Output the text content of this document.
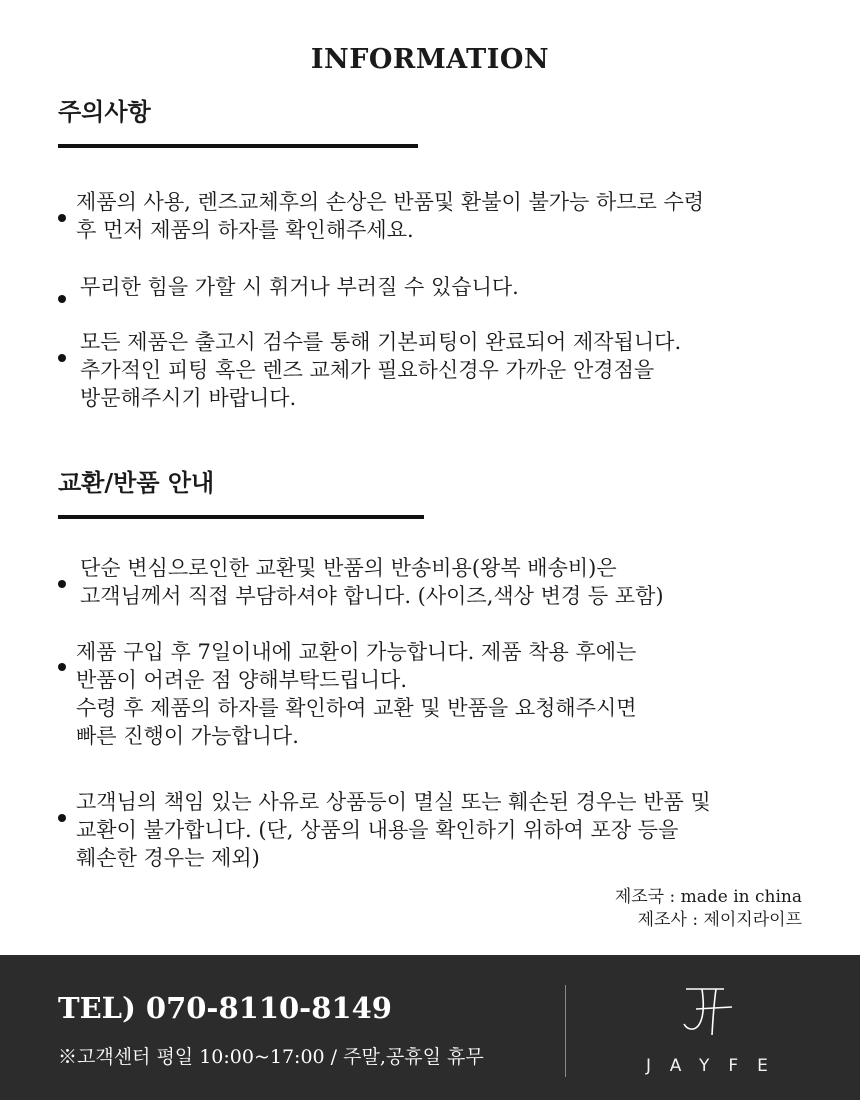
INFORMATION
주의사항
제품의 사용, 렌즈교체후의 손상은 반품및 환불이 불가능 하므로 수령
후 먼저 제품의 하자를 확인해주세요.
무리한 힘을 가할 시 휘거나 부러질 수 있습니다.
모든 제품은 출고시 검수를 통해 기본피팅이 완료되어 제작됩니다.
추가적인 피팅 혹은 렌즈 교체가 필요하신경우 가까운 안경점을
방문해주시기 바랍니다.
교환/반품 안내
단순 변심으로인한 교환및 반품의 반송비용(왕복 배송비)은
고객님께서 직접 부담하셔야 합니다. (사이즈,색상 변경 등 포함)
제품 구입 후 7일이내에 교환이 가능합니다. 제품 착용 후에는
반품이 어려운 점 양해부탁드립니다.
수령 후 제품의 하자를 확인하여 교환 및 반품을 요청해주시면
빠른 진행이 가능합니다.
고객님의 책임 있는 사유로 상품등이 멸실 또는 훼손된 경우는 반품 및
교환이 불가합니다. (단, 상품의 내용을 확인하기 위하여 포장 등을
훼손한 경우는 제외)
제조국 : made in china
제조사 : 제이지라이프
TEL) 070-8110-8149
※고객센터 평일 10:00~17:00 / 주말,공휴일 휴무	JAYFE
